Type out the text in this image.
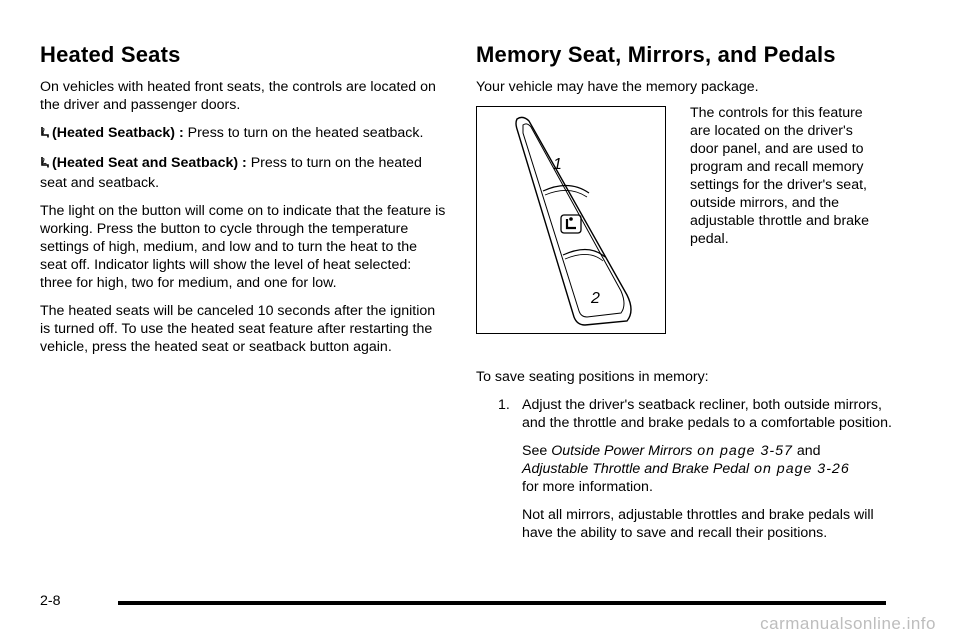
Heated Seats

On vehicles with heated front seats, the controls are located on the driver and passenger doors.

(Heated Seatback) : Press to turn on the heated seatback.

(Heated Seat and Seatback) : Press to turn on the heated seat and seatback.

The light on the button will come on to indicate that the feature is working. Press the button to cycle through the temperature settings of high, medium, and low and to turn the heat to the seat off. Indicator lights will show the level of heat selected: three for high, two for medium, and one for low.

The heated seats will be canceled 10 seconds after the ignition is turned off. To use the heated seat feature after restarting the vehicle, press the heated seat or seatback button again.

Memory Seat, Mirrors, and Pedals

Your vehicle may have the memory package.

1
2

The controls for this feature are located on the driver's door panel, and are used to program and recall memory settings for the driver's seat, outside mirrors, and the adjustable throttle and brake pedal.

To save seating positions in memory:

1. Adjust the driver's seatback recliner, both outside mirrors, and the throttle and brake pedals to a comfortable position.

See Outside Power Mirrors on page 3‑57 and
Adjustable Throttle and Brake Pedal on page 3‑26
for more information.

Not all mirrors, adjustable throttles and brake pedals will have the ability to save and recall their positions.

2-8
carmanualsonline.info
